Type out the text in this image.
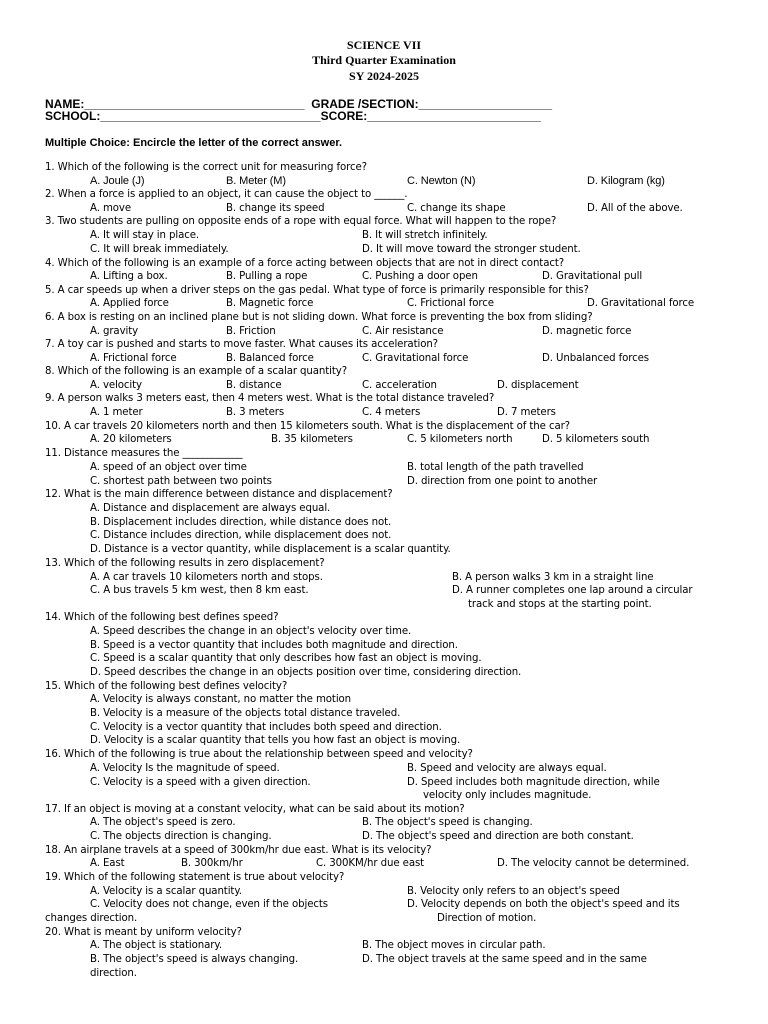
SCIENCE VII
Third Quarter Examination
SY 2024-2025
NAME:_________________________________  GRADE /SECTION:____________________
SCHOOL:_________________________________SCORE:__________________________
Multiple Choice: Encircle the letter of the correct answer.
1. Which of the following is the correct unit for measuring force?
A. Joule (J)	B. Meter (M)	C. Newton (N)	D. Kilogram (kg)
2. When a force is applied to an object, it can cause the object to ______.
A. move	B. change its speed	C. change its shape	D. All of the above.
3. Two students are pulling on opposite ends of a rope with equal force. What will happen to the rope?
A. It will stay in place.	B. It will stretch infinitely.
C. It will break immediately.	D. It will move toward the stronger student.
4. Which of the following is an example of a force acting between objects that are not in direct contact?
A. Lifting a box.	B. Pulling a rope	C. Pushing a door open	D. Gravitational pull
5. A car speeds up when a driver steps on the gas pedal. What type of force is primarily responsible for this?
A. Applied force	B. Magnetic force	C. Frictional force	D. Gravitational force
6. A box is resting on an inclined plane but is not sliding down. What force is preventing the box from sliding?
A. gravity	B. Friction	C. Air resistance	D. magnetic force
7. A toy car is pushed and starts to move faster. What causes its acceleration?
A. Frictional force	B. Balanced force	C. Gravitational force	D. Unbalanced forces
8. Which of the following is an example of a scalar quantity?
A. velocity	B. distance	C. acceleration	D. displacement
9. A person walks 3 meters east, then 4 meters west. What is the total distance traveled?
A. 1 meter	B. 3 meters	C. 4 meters	D. 7 meters
10. A car travels 20 kilometers north and then 15 kilometers south. What is the displacement of the car?
A. 20 kilometers	B. 35 kilometers	C. 5 kilometers north	D. 5 kilometers south
11. Distance measures the ____________
A. speed of an object over time	B. total length of the path travelled
C. shortest path between two points	D. direction from one point to another
12. What is the main difference between distance and displacement?
A. Distance and displacement are always equal.
B. Displacement includes direction, while distance does not.
C. Distance includes direction, while displacement does not.
D. Distance is a vector quantity, while displacement is a scalar quantity.
13. Which of the following results in zero displacement?
A. A car travels 10 kilometers north and stops.	B. A person walks 3 km in a straight line
C. A bus travels 5 km west, then 8 km east.	D. A runner completes one lap around a circular
track and stops at the starting point.
14. Which of the following best defines speed?
A. Speed describes the change in an object's velocity over time.
B. Speed is a vector quantity that includes both magnitude and direction.
C. Speed is a scalar quantity that only describes how fast an object is moving.
D. Speed describes the change in an objects position over time, considering direction.
15. Which of the following best defines velocity?
A. Velocity is always constant, no matter the motion
B. Velocity is a measure of the objects total distance traveled.
C. Velocity is a vector quantity that includes both speed and direction.
D. Velocity is a scalar quantity that tells you how fast an object is moving.
16. Which of the following is true about the relationship between speed and velocity?
A. Velocity Is the magnitude of speed.	B. Speed and velocity are always equal.
C. Velocity is a speed with a given direction.	D. Speed includes both magnitude direction, while
velocity only includes magnitude.
17. If an object is moving at a constant velocity, what can be said about its motion?
A. The object's speed is zero.	B. The object's speed is changing.
C. The objects direction is changing.	D. The object's speed and direction are both constant.
18. An airplane travels at a speed of 300km/hr due east. What is its velocity?
A. East	B. 300km/hr	C. 300KM/hr due east	D. The velocity cannot be determined.
19. Which of the following statement is true about velocity?
A. Velocity is a scalar quantity.	B. Velocity only refers to an object's speed
C. Velocity does not change, even if the objects	D. Velocity depends on both the object's speed and its
changes direction.	Direction of motion.
20. What is meant by uniform velocity?
A. The object is stationary.	B. The object moves in circular path.
B. The object's speed is always changing.	D. The object travels at the same speed and in the same
direction.
